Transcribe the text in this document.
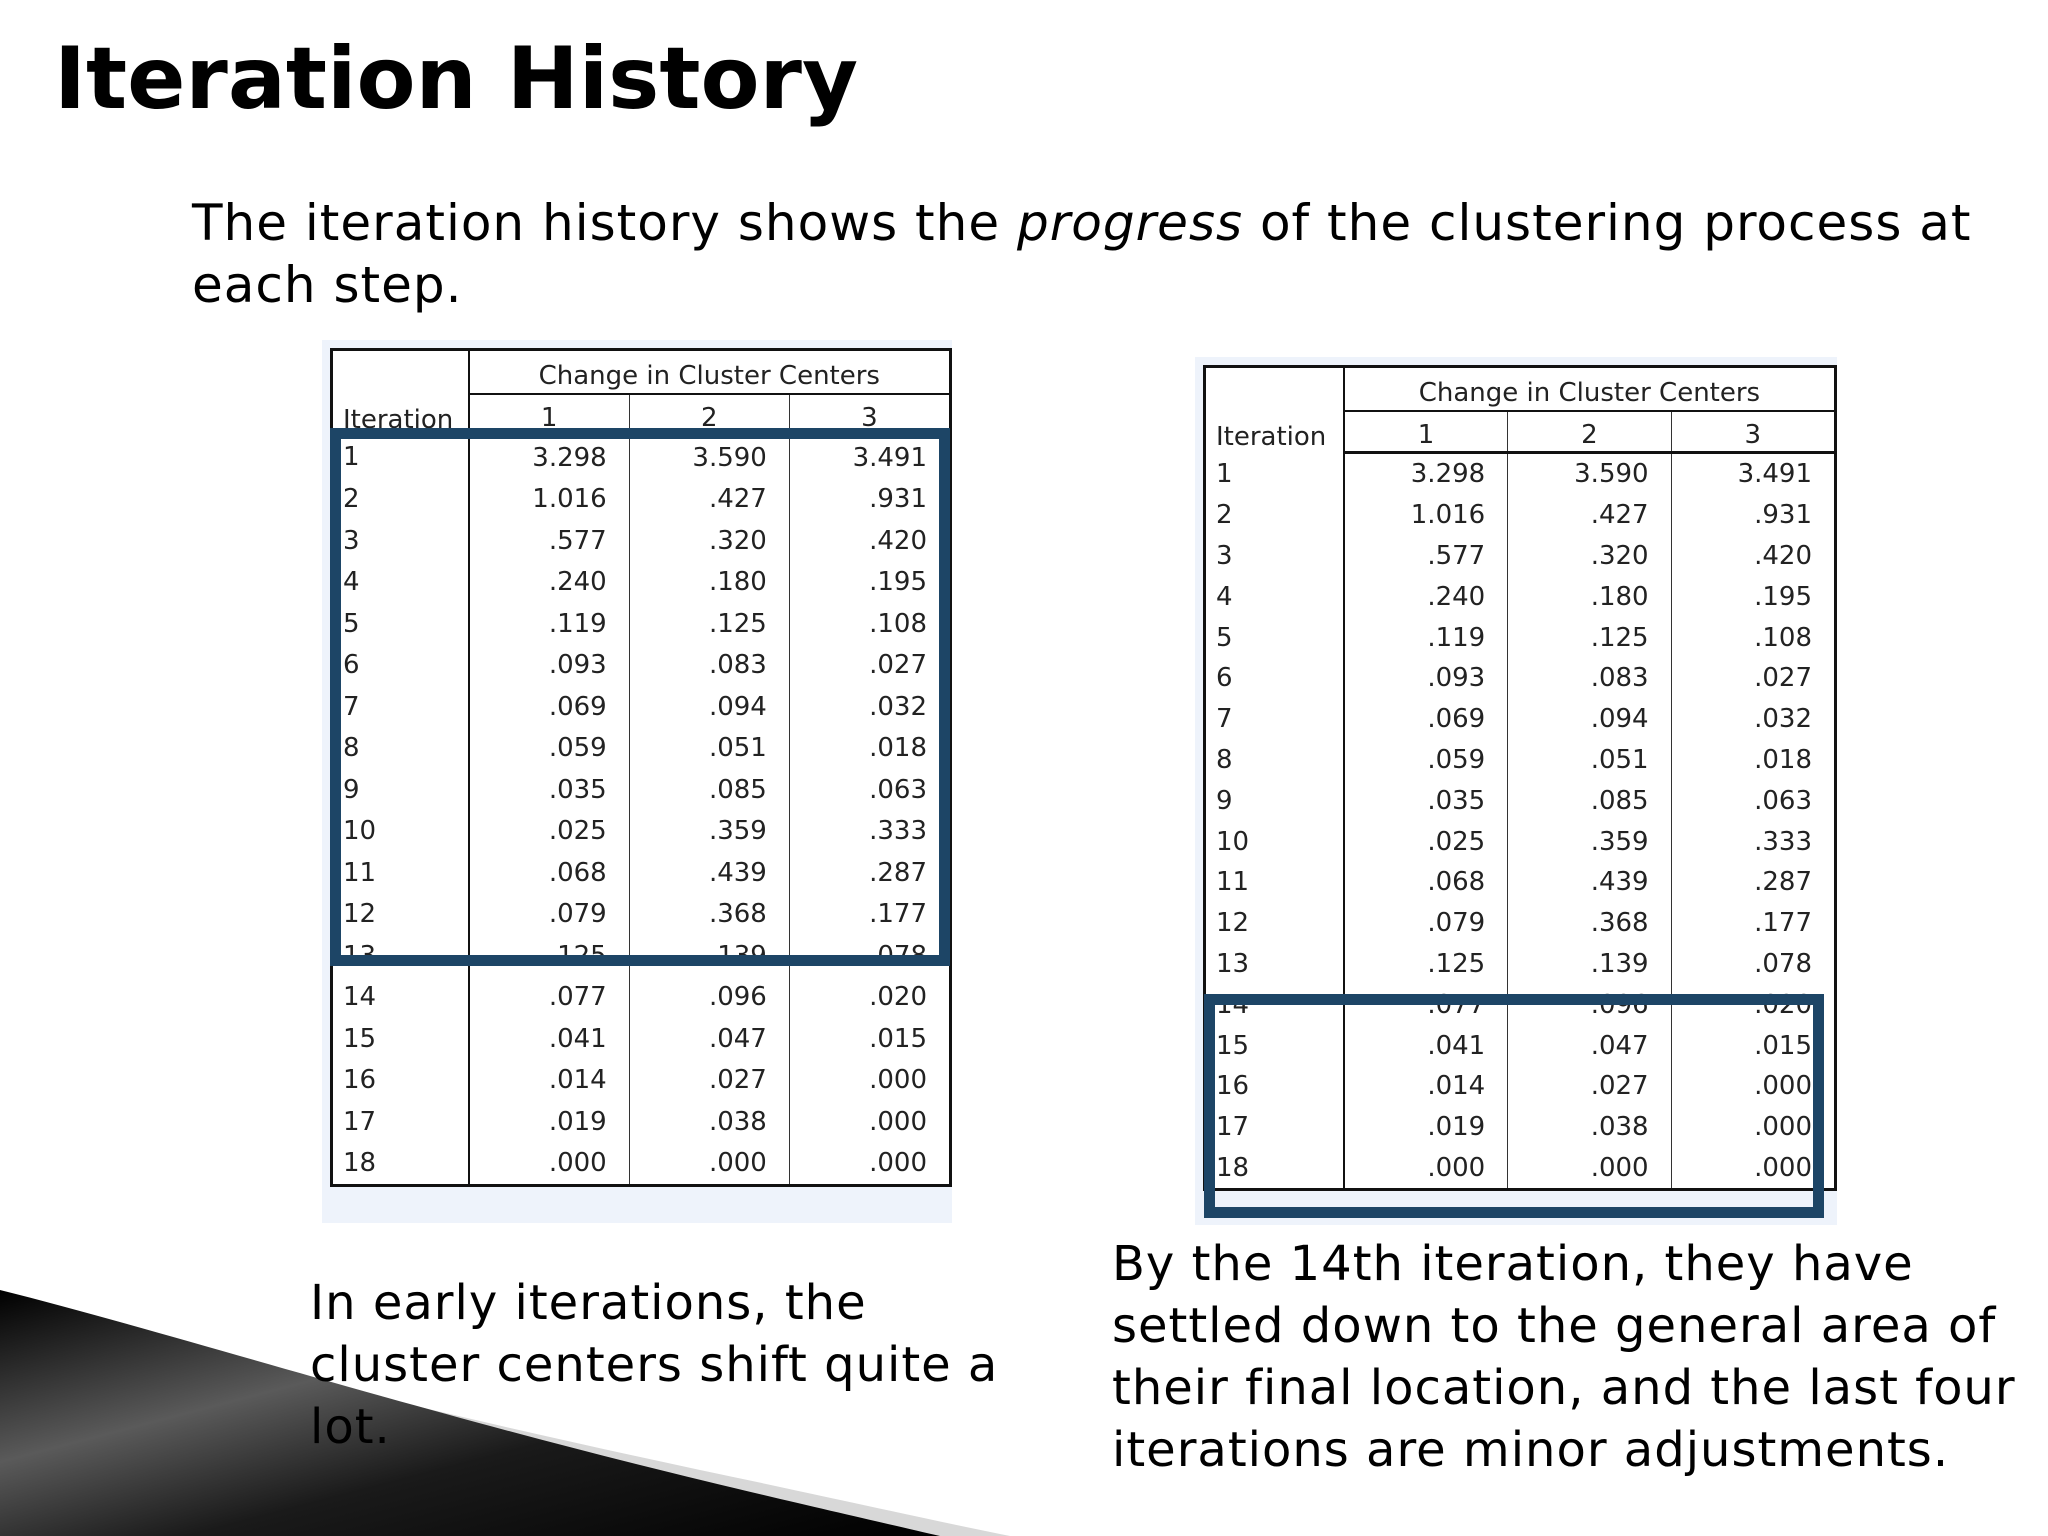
Iteration History
The iteration history shows the progress of the clustering process at each step.
Iteration	Change in Cluster Centers		
	1	2	3
1	3.298	3.590	3.491
2	1.016	.427	.931
3	.577	.320	.420
4	.240	.180	.195
5	.119	.125	.108
6	.093	.083	.027
7	.069	.094	.032
8	.059	.051	.018
9	.035	.085	.063
10	.025	.359	.333
11	.068	.439	.287
12	.079	.368	.177
13	.125	.139	.078
14	.077	.096	.020
15	.041	.047	.015
16	.014	.027	.000
17	.019	.038	.000
18	.000	.000	.000
Iteration	Change in Cluster Centers		
	1	2	3
1	3.298	3.590	3.491
2	1.016	.427	.931
3	.577	.320	.420
4	.240	.180	.195
5	.119	.125	.108
6	.093	.083	.027
7	.069	.094	.032
8	.059	.051	.018
9	.035	.085	.063
10	.025	.359	.333
11	.068	.439	.287
12	.079	.368	.177
13	.125	.139	.078
14	.077	.096	.020
15	.041	.047	.015
16	.014	.027	.000
17	.019	.038	.000
18	.000	.000	.000
In early iterations, the cluster centers shift quite a lot.
By the 14th iteration, they have settled down to the general area of their final location, and the last four iterations are minor adjustments.
